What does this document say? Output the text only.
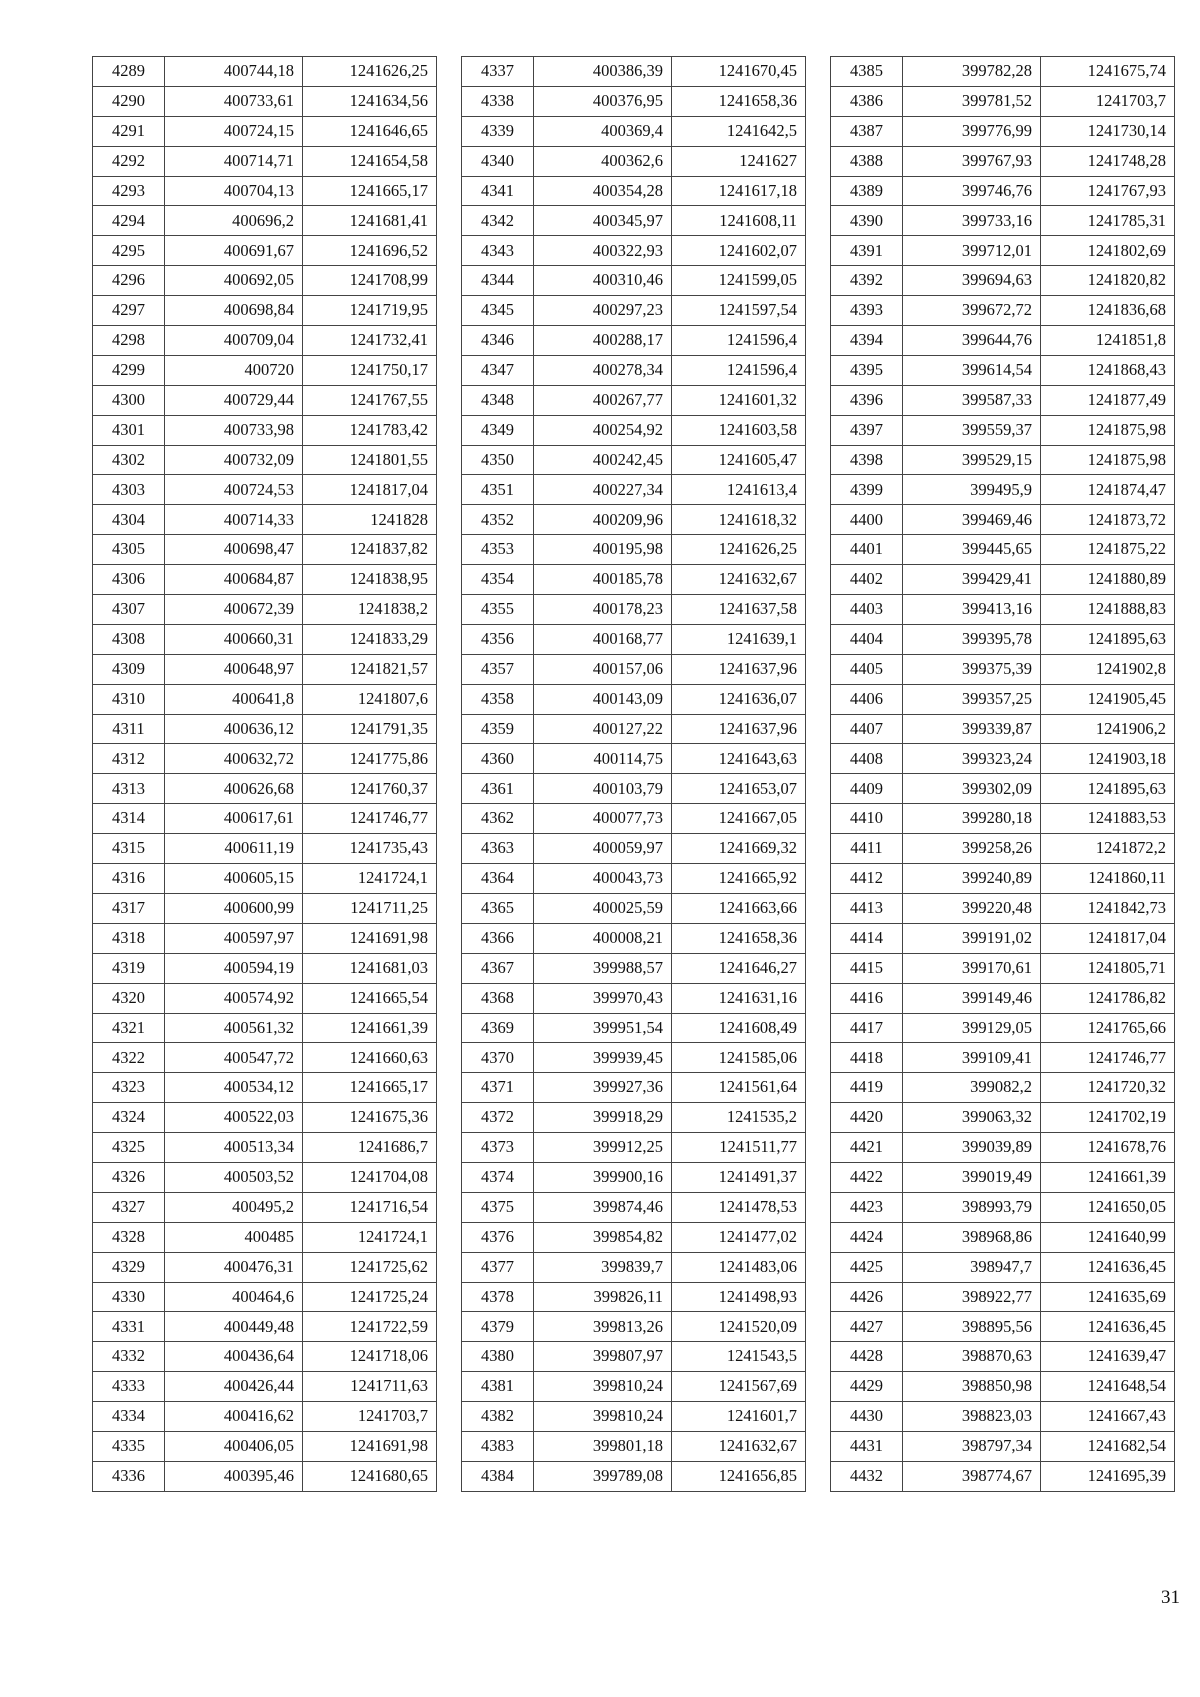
4289	400744,18	1241626,25
4290	400733,61	1241634,56
4291	400724,15	1241646,65
4292	400714,71	1241654,58
4293	400704,13	1241665,17
4294	400696,2	1241681,41
4295	400691,67	1241696,52
4296	400692,05	1241708,99
4297	400698,84	1241719,95
4298	400709,04	1241732,41
4299	400720	1241750,17
4300	400729,44	1241767,55
4301	400733,98	1241783,42
4302	400732,09	1241801,55
4303	400724,53	1241817,04
4304	400714,33	1241828
4305	400698,47	1241837,82
4306	400684,87	1241838,95
4307	400672,39	1241838,2
4308	400660,31	1241833,29
4309	400648,97	1241821,57
4310	400641,8	1241807,6
4311	400636,12	1241791,35
4312	400632,72	1241775,86
4313	400626,68	1241760,37
4314	400617,61	1241746,77
4315	400611,19	1241735,43
4316	400605,15	1241724,1
4317	400600,99	1241711,25
4318	400597,97	1241691,98
4319	400594,19	1241681,03
4320	400574,92	1241665,54
4321	400561,32	1241661,39
4322	400547,72	1241660,63
4323	400534,12	1241665,17
4324	400522,03	1241675,36
4325	400513,34	1241686,7
4326	400503,52	1241704,08
4327	400495,2	1241716,54
4328	400485	1241724,1
4329	400476,31	1241725,62
4330	400464,6	1241725,24
4331	400449,48	1241722,59
4332	400436,64	1241718,06
4333	400426,44	1241711,63
4334	400416,62	1241703,7
4335	400406,05	1241691,98
4336	400395,46	1241680,65
4337	400386,39	1241670,45
4338	400376,95	1241658,36
4339	400369,4	1241642,5
4340	400362,6	1241627
4341	400354,28	1241617,18
4342	400345,97	1241608,11
4343	400322,93	1241602,07
4344	400310,46	1241599,05
4345	400297,23	1241597,54
4346	400288,17	1241596,4
4347	400278,34	1241596,4
4348	400267,77	1241601,32
4349	400254,92	1241603,58
4350	400242,45	1241605,47
4351	400227,34	1241613,4
4352	400209,96	1241618,32
4353	400195,98	1241626,25
4354	400185,78	1241632,67
4355	400178,23	1241637,58
4356	400168,77	1241639,1
4357	400157,06	1241637,96
4358	400143,09	1241636,07
4359	400127,22	1241637,96
4360	400114,75	1241643,63
4361	400103,79	1241653,07
4362	400077,73	1241667,05
4363	400059,97	1241669,32
4364	400043,73	1241665,92
4365	400025,59	1241663,66
4366	400008,21	1241658,36
4367	399988,57	1241646,27
4368	399970,43	1241631,16
4369	399951,54	1241608,49
4370	399939,45	1241585,06
4371	399927,36	1241561,64
4372	399918,29	1241535,2
4373	399912,25	1241511,77
4374	399900,16	1241491,37
4375	399874,46	1241478,53
4376	399854,82	1241477,02
4377	399839,7	1241483,06
4378	399826,11	1241498,93
4379	399813,26	1241520,09
4380	399807,97	1241543,5
4381	399810,24	1241567,69
4382	399810,24	1241601,7
4383	399801,18	1241632,67
4384	399789,08	1241656,85
4385	399782,28	1241675,74
4386	399781,52	1241703,7
4387	399776,99	1241730,14
4388	399767,93	1241748,28
4389	399746,76	1241767,93
4390	399733,16	1241785,31
4391	399712,01	1241802,69
4392	399694,63	1241820,82
4393	399672,72	1241836,68
4394	399644,76	1241851,8
4395	399614,54	1241868,43
4396	399587,33	1241877,49
4397	399559,37	1241875,98
4398	399529,15	1241875,98
4399	399495,9	1241874,47
4400	399469,46	1241873,72
4401	399445,65	1241875,22
4402	399429,41	1241880,89
4403	399413,16	1241888,83
4404	399395,78	1241895,63
4405	399375,39	1241902,8
4406	399357,25	1241905,45
4407	399339,87	1241906,2
4408	399323,24	1241903,18
4409	399302,09	1241895,63
4410	399280,18	1241883,53
4411	399258,26	1241872,2
4412	399240,89	1241860,11
4413	399220,48	1241842,73
4414	399191,02	1241817,04
4415	399170,61	1241805,71
4416	399149,46	1241786,82
4417	399129,05	1241765,66
4418	399109,41	1241746,77
4419	399082,2	1241720,32
4420	399063,32	1241702,19
4421	399039,89	1241678,76
4422	399019,49	1241661,39
4423	398993,79	1241650,05
4424	398968,86	1241640,99
4425	398947,7	1241636,45
4426	398922,77	1241635,69
4427	398895,56	1241636,45
4428	398870,63	1241639,47
4429	398850,98	1241648,54
4430	398823,03	1241667,43
4431	398797,34	1241682,54
4432	398774,67	1241695,39
31
